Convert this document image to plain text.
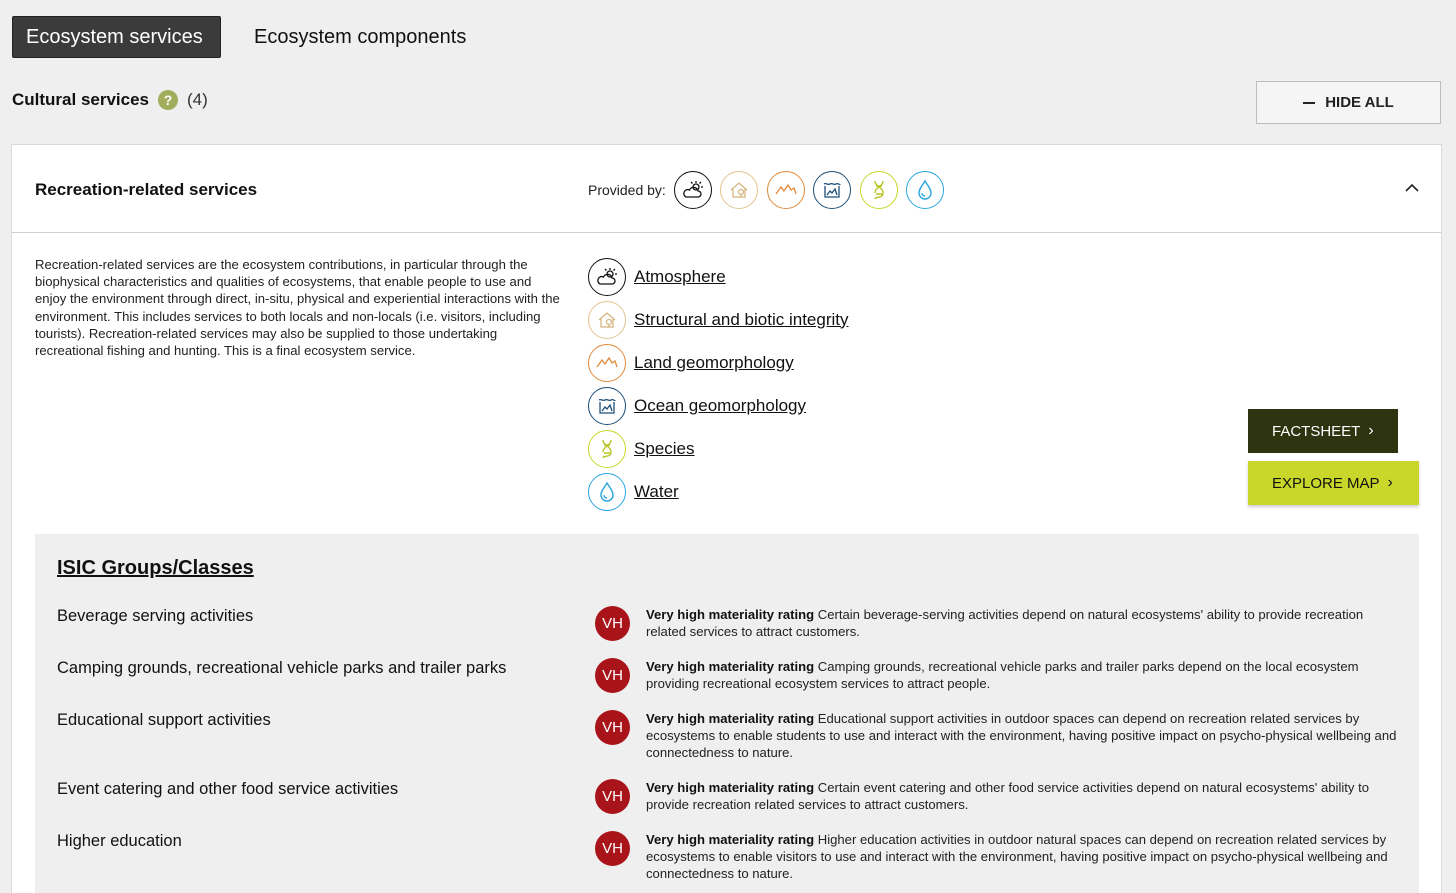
Ecosystem services	Ecosystem components
Cultural services	? (4)	HIDE ALL
Recreation-related services	Provided by:
Recreation-related services are the ecosystem contributions, in particular through the biophysical characteristics and qualities of ecosystems, that enable people to use and enjoy the environment through direct, in-situ, physical and experiential interactions with the environment. This includes services to both locals and non-locals (i.e. visitors, including tourists). Recreation-related services may also be supplied to those undertaking recreational fishing and hunting. This is a final ecosystem service.
Atmosphere
Structural and biotic integrity
Land geomorphology
Ocean geomorphology
Species
Water
FACTSHEET ›
EXPLORE MAP ›
ISIC Groups/Classes
Beverage serving activities	VH
Very high materiality rating Certain beverage-serving activities depend on natural ecosystems' ability to provide recreation related services to attract customers.
Camping grounds, recreational vehicle parks and trailer parks	VH
Very high materiality rating Camping grounds, recreational vehicle parks and trailer parks depend on the local ecosystem providing recreational ecosystem services to attract people.
Educational support activities	VH
Very high materiality rating Educational support activities in outdoor spaces can depend on recreation related services by ecosystems to enable students to use and interact with the environment, having positive impact on psycho-physical wellbeing and connectedness to nature.
Event catering and other food service activities	VH
Very high materiality rating Certain event catering and other food service activities depend on natural ecosystems' ability to provide recreation related services to attract customers.
Higher education	VH
Very high materiality rating Higher education activities in outdoor natural spaces can depend on recreation related services by ecosystems to enable visitors to use and interact with the environment, having positive impact on psycho-physical wellbeing and connectedness to nature.
